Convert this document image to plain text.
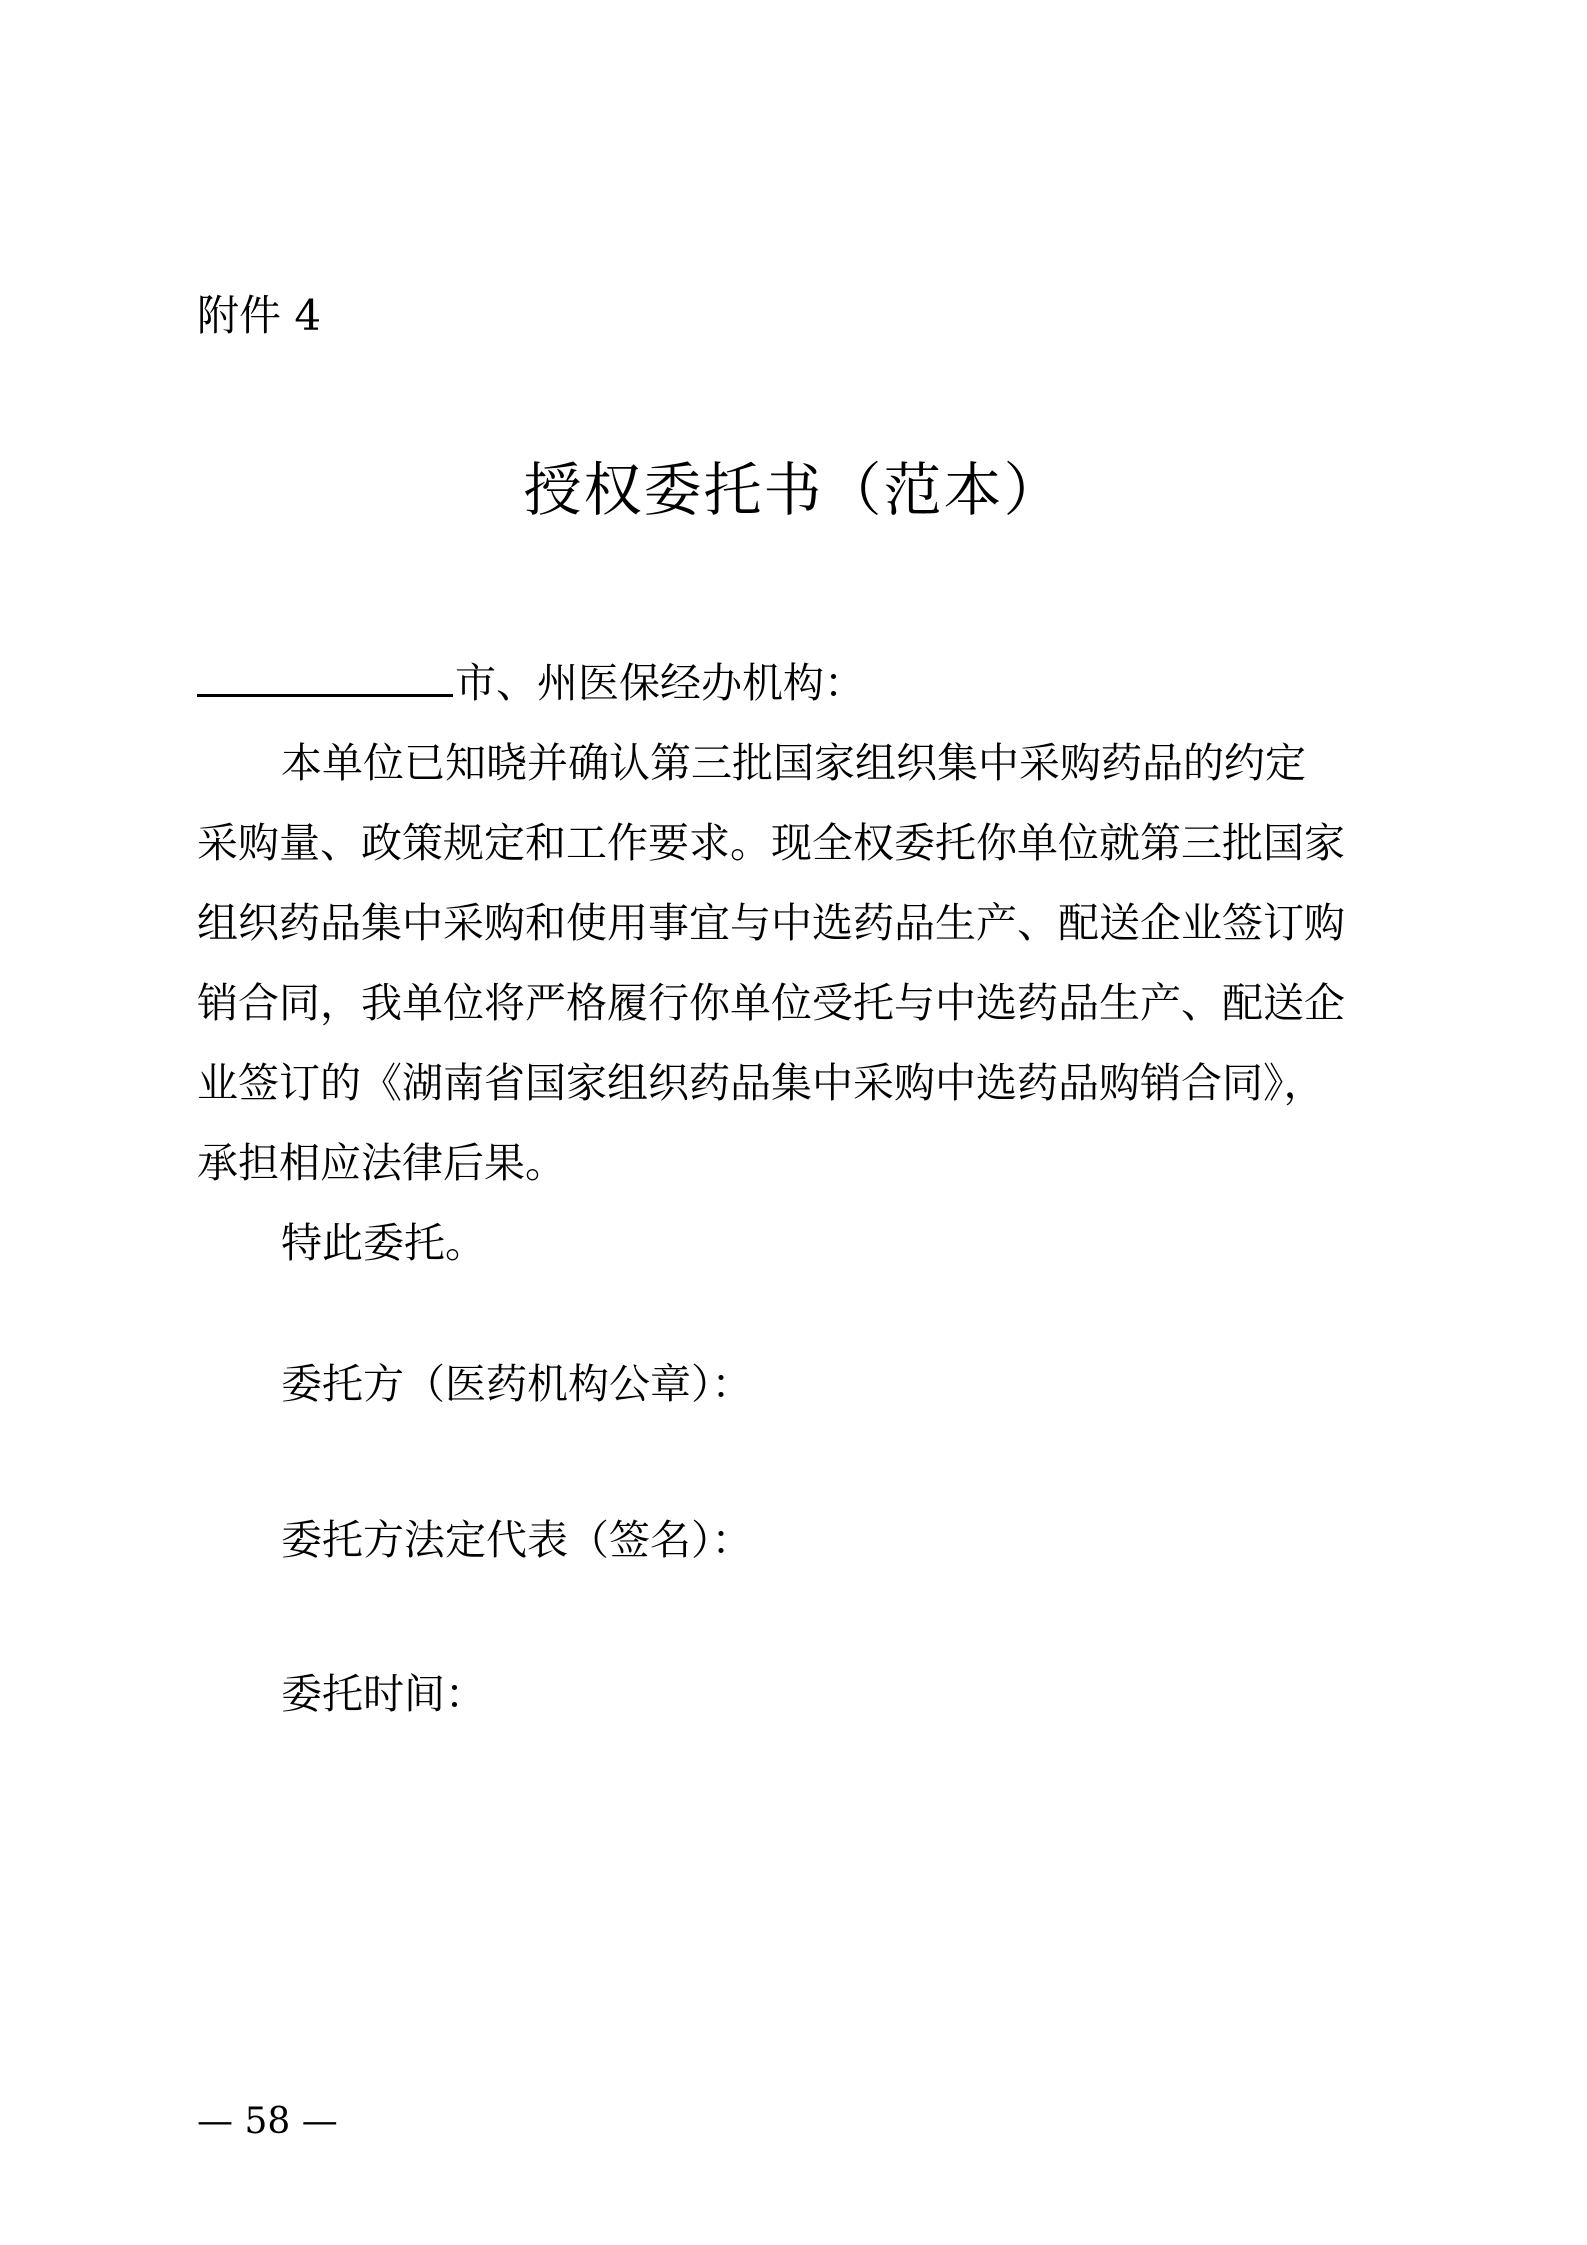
附件 4
授权委托书（范本）
市、州医保经办机构：
本单位已知晓并确认第三批国家组织集中采购药品的约定
采购量、政策规定和工作要求。现全权委托你单位就第三批国家
组织药品集中采购和使用事宜与中选药品生产、配送企业签订购
销合同，我单位将严格履行你单位受托与中选药品生产、配送企
业签订的《湖南省国家组织药品集中采购中选药品购销合同》，
承担相应法律后果。
特此委托。
委托方（医药机构公章）：
委托方法定代表（签名）：
委托时间：
— 58 —
